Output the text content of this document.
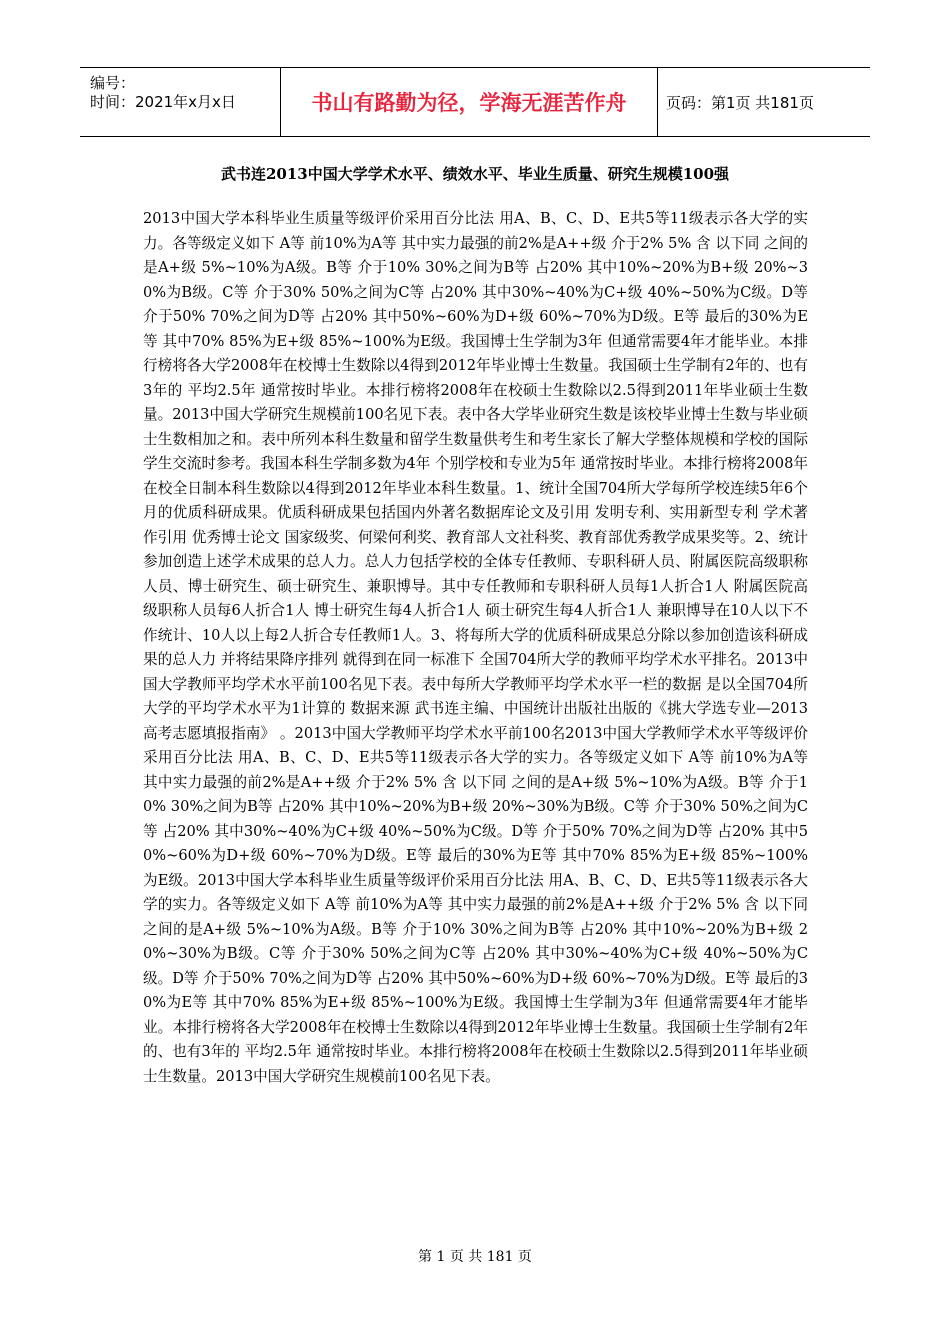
编号：
时间：2021年x月x日	书山有路勤为径，学海无涯苦作舟	页码：第1页 共181页
武书连2013中国大学学术水平、绩效水平、毕业生质量、研究生规模100强
2013中国大学本科毕业生质量等级评价采用百分比法 用A、B、C、D、E共5等11级表示各大学的实力。各等级定义如下 A等 前10%为A等 其中实力最强的前2%是A++级 介于2% 5% 含 以下同 之间的是A+级 5%~10%为A级。B等 介于10% 30%之间为B等 占20% 其中10%~20%为B+级 20%~30%为B级。C等 介于30% 50%之间为C等 占20% 其中30%~40%为C+级 40%~50%为C级。D等 介于50% 70%之间为D等 占20% 其中50%~60%为D+级 60%~70%为D级。E等 最后的30%为E等 其中70% 85%为E+级 85%~100%为E级。我国博士生学制为3年 但通常需要4年才能毕业。本排行榜将各大学2008年在校博士生数除以4得到2012年毕业博士生数量。我国硕士生学制有2年的、也有3年的 平均2.5年 通常按时毕业。本排行榜将2008年在校硕士生数除以2.5得到2011年毕业硕士生数量。2013中国大学研究生规模前100名见下表。表中各大学毕业研究生数是该校毕业博士生数与毕业硕士生数相加之和。表中所列本科生数量和留学生数量供考生和考生家长了解大学整体规模和学校的国际学生交流时参考。我国本科生学制多数为4年 个别学校和专业为5年 通常按时毕业。本排行榜将2008年在校全日制本科生数除以4得到2012年毕业本科生数量。1、统计全国704所大学每所学校连续5年6个月的优质科研成果。优质科研成果包括国内外著名数据库论文及引用 发明专利、实用新型专利 学术著作引用 优秀博士论文 国家级奖、何梁何利奖、教育部人文社科奖、教育部优秀教学成果奖等。2、统计参加创造上述学术成果的总人力。总人力包括学校的全体专任教师、专职科研人员、附属医院高级职称人员、博士研究生、硕士研究生、兼职博导。其中专任教师和专职科研人员每1人折合1人 附属医院高级职称人员每6人折合1人 博士研究生每4人折合1人 硕士研究生每4人折合1人 兼职博导在10人以下不作统计、10人以上每2人折合专任教师1人。3、将每所大学的优质科研成果总分除以参加创造该科研成果的总人力 并将结果降序排列 就得到在同一标准下 全国704所大学的教师平均学术水平排名。2013中国大学教师平均学术水平前100名见下表。表中每所大学教师平均学术水平一栏的数据 是以全国704所大学的平均学术水平为1计算的 数据来源 武书连主编、中国统计出版社出版的《挑大学选专业—2013高考志愿填报指南》 。2013中国大学教师平均学术水平前100名2013中国大学教师学术水平等级评价采用百分比法 用A、B、C、D、E共5等11级表示各大学的实力。各等级定义如下 A等 前10%为A等 其中实力最强的前2%是A++级 介于2% 5% 含 以下同 之间的是A+级 5%~10%为A级。B等 介于10% 30%之间为B等 占20% 其中10%~20%为B+级 20%~30%为B级。C等 介于30% 50%之间为C等 占20% 其中30%~40%为C+级 40%~50%为C级。D等 介于50% 70%之间为D等 占20% 其中50%~60%为D+级 60%~70%为D级。E等 最后的30%为E等 其中70% 85%为E+级 85%~100%为E级。2013中国大学本科毕业生质量等级评价采用百分比法 用A、B、C、D、E共5等11级表示各大学的实力。各等级定义如下 A等 前10%为A等 其中实力最强的前2%是A++级 介于2% 5% 含 以下同 之间的是A+级 5%~10%为A级。B等 介于10% 30%之间为B等 占20% 其中10%~20%为B+级 20%~30%为B级。C等 介于30% 50%之间为C等 占20% 其中30%~40%为C+级 40%~50%为C级。D等 介于50% 70%之间为D等 占20% 其中50%~60%为D+级 60%~70%为D级。E等 最后的30%为E等 其中70% 85%为E+级 85%~100%为E级。我国博士生学制为3年 但通常需要4年才能毕业。本排行榜将各大学2008年在校博士生数除以4得到2012年毕业博士生数量。我国硕士生学制有2年的、也有3年的 平均2.5年 通常按时毕业。本排行榜将2008年在校硕士生数除以2.5得到2011年毕业硕士生数量。2013中国大学研究生规模前100名见下表。
第 1 页 共 181 页
